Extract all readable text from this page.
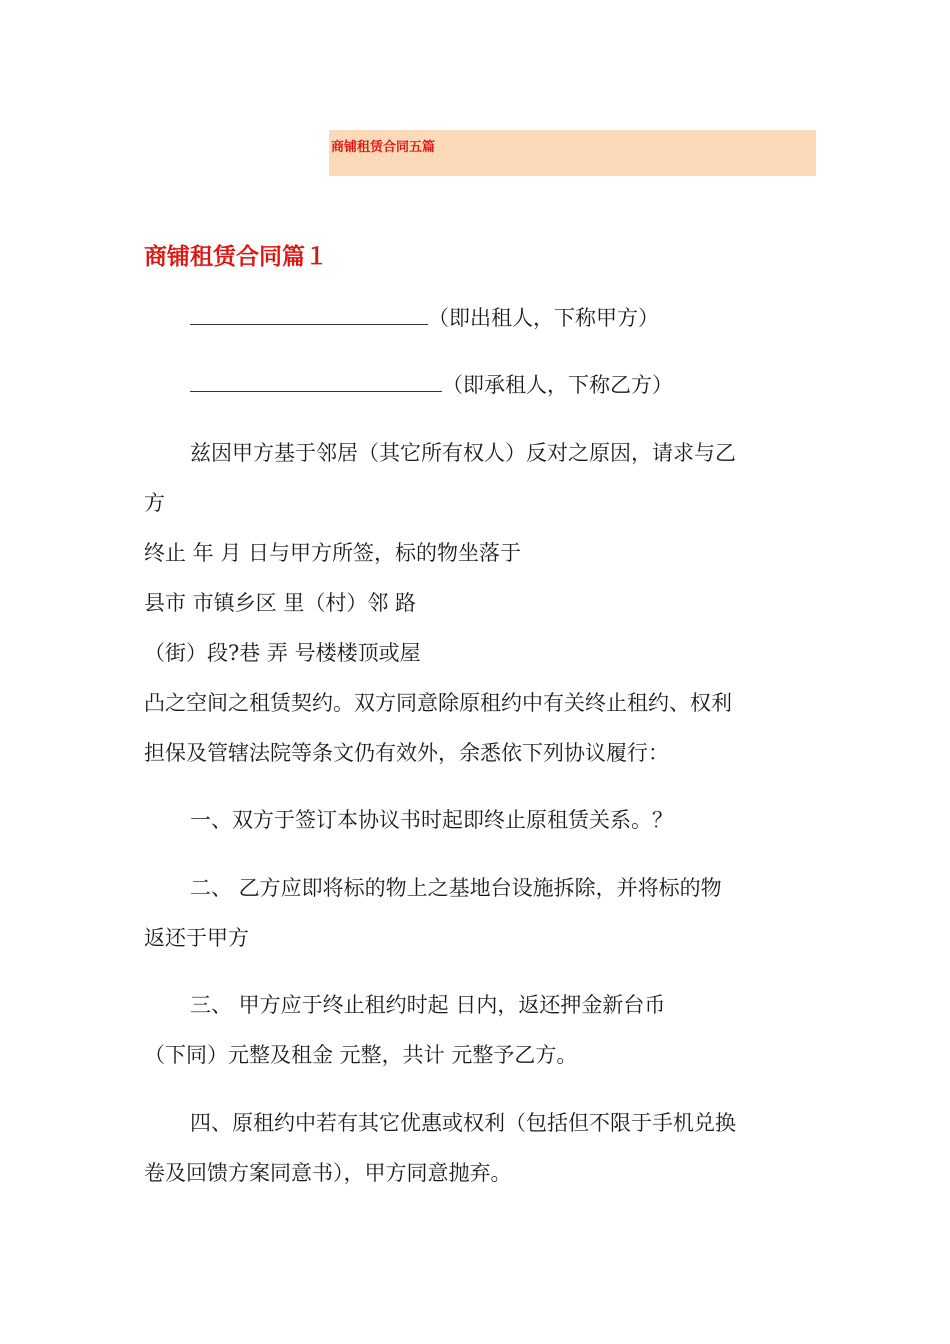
商铺租赁合同五篇
商铺租赁合同篇１
（即出租人，下称甲方）
（即承租人，下称乙方）
兹因甲方基于邻居（其它所有权人）反对之原因，请求与乙
方
终止 年 月 日与甲方所签，标的物坐落于
县市 市镇乡区 里（村）邻 路
（街）段?巷 弄 号楼楼顶或屋
凸之空间之租赁契约。双方同意除原租约中有关终止租约、权利
担保及管辖法院等条文仍有效外，余悉依下列协议履行：
一、双方于签订本协议书时起即终止原租赁关系。？
二、 乙方应即将标的物上之基地台设施拆除，并将标的物
返还于甲方
三、 甲方应于终止租约时起 日内，返还押金新台币
（下同）元整及租金 元整，共计 元整予乙方。
四、原租约中若有其它优惠或权利（包括但不限于手机兑换
卷及回馈方案同意书），甲方同意抛弃。
